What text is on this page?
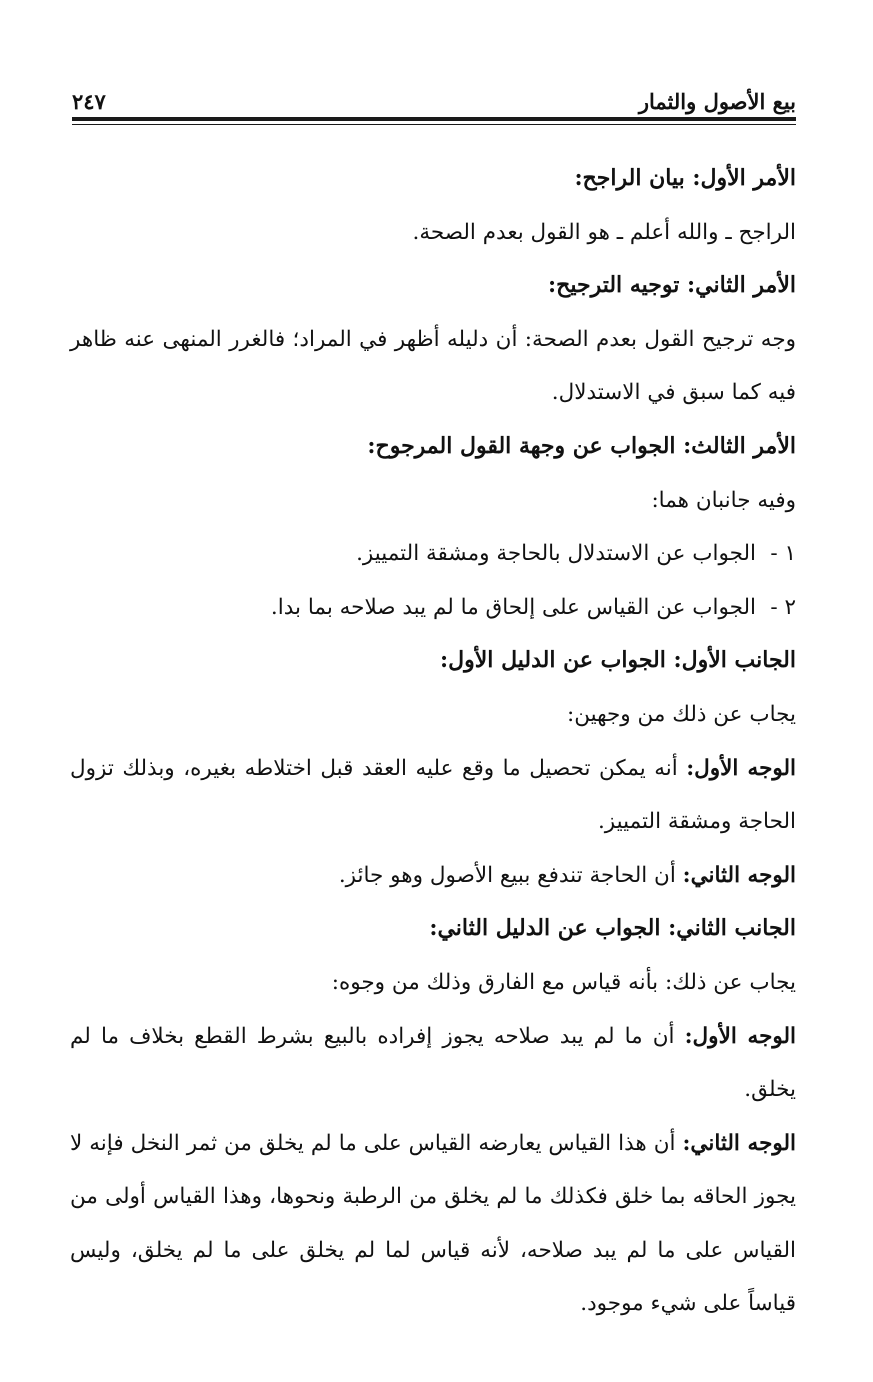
بيع الأصول والثمار
٢٤٧

الأمر الأول: بيان الراجح:

الراجح ـ والله أعلم ـ هو القول بعدم الصحة.

الأمر الثاني: توجيه الترجيح:

وجه ترجيح القول بعدم الصحة: أن دليله أظهر في المراد؛ فالغرر المنهى عنه ظاهر فيه كما سبق في الاستدلال.

الأمر الثالث: الجواب عن وجهة القول المرجوح:

وفيه جانبان هما:

١ -الجواب عن الاستدلال بالحاجة ومشقة التمييز.

٢ -الجواب عن القياس على إلحاق ما لم يبد صلاحه بما بدا.

الجانب الأول: الجواب عن الدليل الأول:

يجاب عن ذلك من وجهين:

الوجه الأول: أنه يمكن تحصيل ما وقع عليه العقد قبل اختلاطه بغيره، وبذلك تزول الحاجة ومشقة التمييز.

الوجه الثاني: أن الحاجة تندفع ببيع الأصول وهو جائز.

الجانب الثاني: الجواب عن الدليل الثاني:

يجاب عن ذلك: بأنه قياس مع الفارق وذلك من وجوه:

الوجه الأول: أن ما لم يبد صلاحه يجوز إفراده بالبيع بشرط القطع بخلاف ما لم يخلق.

الوجه الثاني: أن هذا القياس يعارضه القياس على ما لم يخلق من ثمر النخل فإنه لا يجوز الحاقه بما خلق فكذلك ما لم يخلق من الرطبة ونحوها، وهذا القياس أولى من القياس على ما لم يبد صلاحه، لأنه قياس لما لم يخلق على ما لم يخلق، وليس قياساً على شيء موجود.
